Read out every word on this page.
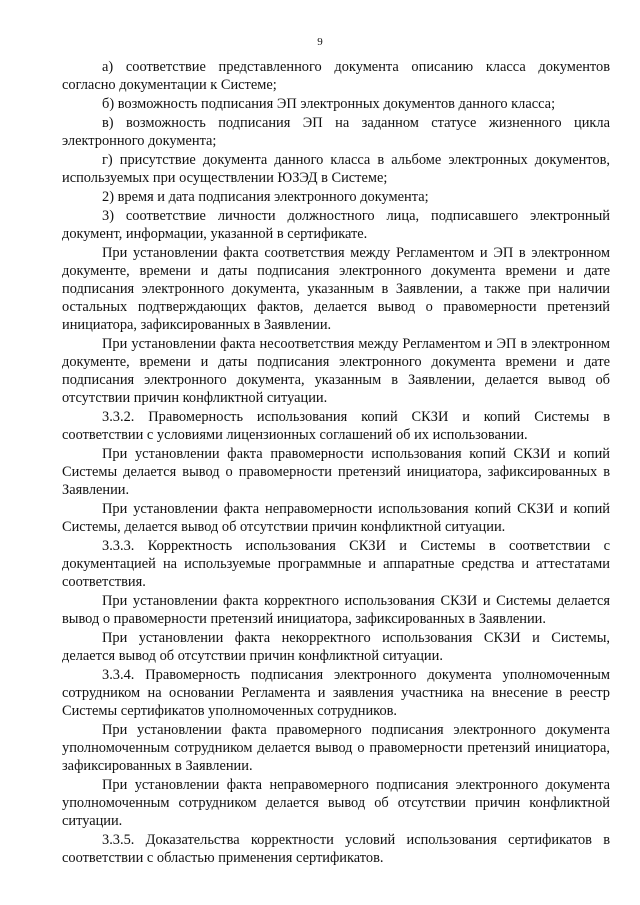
9

а) соответствие представленного документа описанию класса документов согласно документации к Системе;

б) возможность подписания ЭП электронных документов данного класса;

в) возможность подписания ЭП на заданном статусе жизненного цикла электронного документа;

г) присутствие документа данного класса в альбоме электронных документов, используемых при осуществлении ЮЗЭД в Системе;

2) время и дата подписания электронного документа;

3) соответствие личности должностного лица, подписавшего электронный документ, информации, указанной в сертификате.

При установлении факта соответствия между Регламентом и ЭП в электронном документе, времени и даты подписания электронного документа времени и дате подписания электронного документа, указанным в Заявлении, а также при наличии остальных подтверждающих фактов, делается вывод о правомерности претензий инициатора, зафиксированных в Заявлении.

При установлении факта несоответствия между Регламентом и ЭП в электронном документе, времени и даты подписания электронного документа времени и дате подписания электронного документа, указанным в Заявлении, делается вывод об отсутствии причин конфликтной ситуации.

3.3.2. Правомерность использования копий СКЗИ и копий Системы в соответствии с условиями лицензионных соглашений об их использовании.

При установлении факта правомерности использования копий СКЗИ и копий Системы делается вывод о правомерности претензий инициатора, зафиксированных в Заявлении.

При установлении факта неправомерности использования копий СКЗИ и копий Системы, делается вывод об отсутствии причин конфликтной ситуации.

3.3.3. Корректность использования СКЗИ и Системы в соответствии с документацией на используемые программные и аппаратные средства и аттестатами соответствия.

При установлении факта корректного использования СКЗИ и Системы делается вывод о правомерности претензий инициатора, зафиксированных в Заявлении.

При установлении факта некорректного использования СКЗИ и Системы, делается вывод об отсутствии причин конфликтной ситуации.

3.3.4. Правомерность подписания электронного документа уполномоченным сотрудником на основании Регламента и заявления участника на внесение в реестр Системы сертификатов уполномоченных сотрудников.

При установлении факта правомерного подписания электронного документа уполномоченным сотрудником делается вывод о правомерности претензий инициатора, зафиксированных в Заявлении.

При установлении факта неправомерного подписания электронного документа уполномоченным сотрудником делается вывод об отсутствии причин конфликтной ситуации.

3.3.5. Доказательства корректности условий использования сертификатов в соответствии с областью применения сертификатов.
